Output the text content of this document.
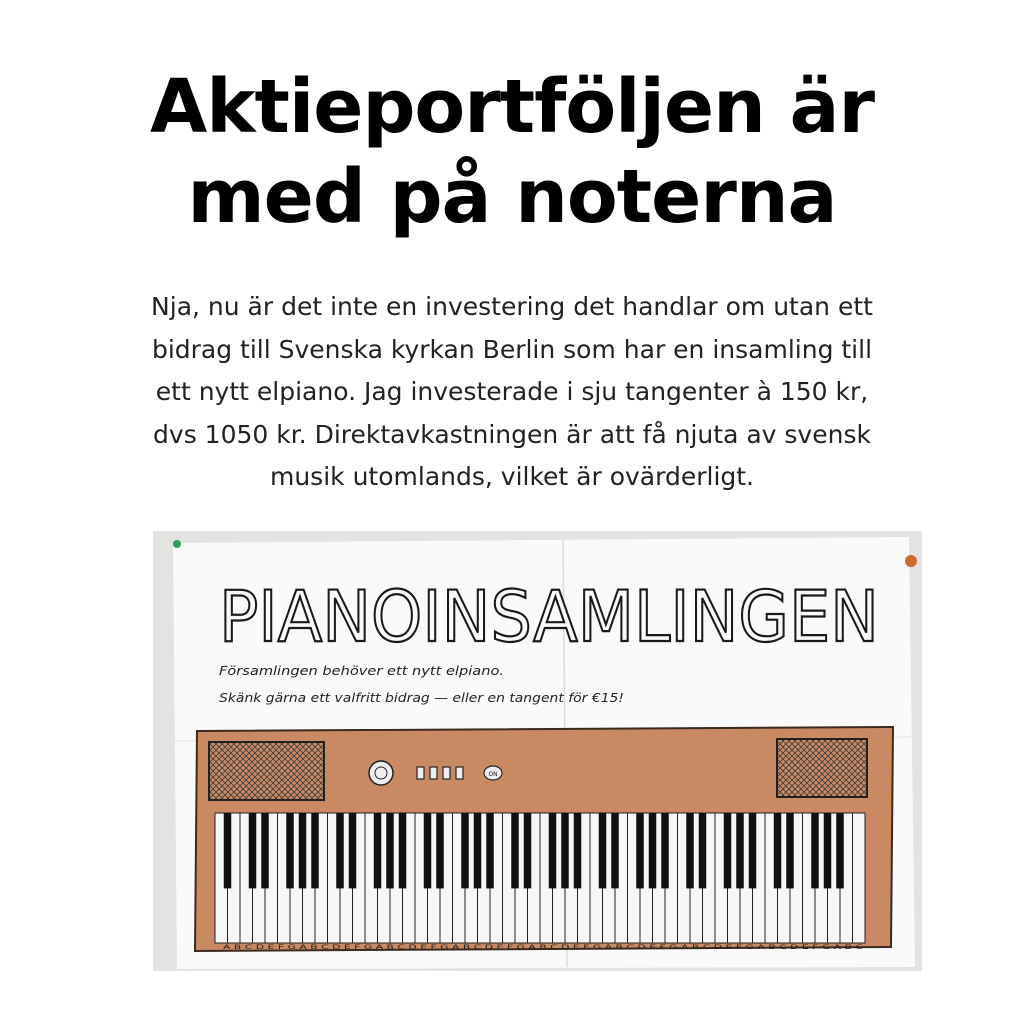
Aktieportföljen är
med på noterna

Nja, nu är det inte en investering det handlar om utan ett
bidrag till Svenska kyrkan Berlin som har en insamling till
ett nytt elpiano. Jag investerade i sju tangenter à 150 kr,
dvs 1050 kr. Direktavkastningen är att få njuta av svensk
musik utomlands, vilket är ovärderligt.

PIANOINSAMLINGEN
Församlingen behöver ett nytt elpiano.
Skänk gärna ett valfritt bidrag — eller en tangent för €15!
ON
A B C D E F G A B C D E F G A B C D E F G A B C D E F G A B C D E F G A B C D E F G A B C D E F G A B C D E F G A B C
